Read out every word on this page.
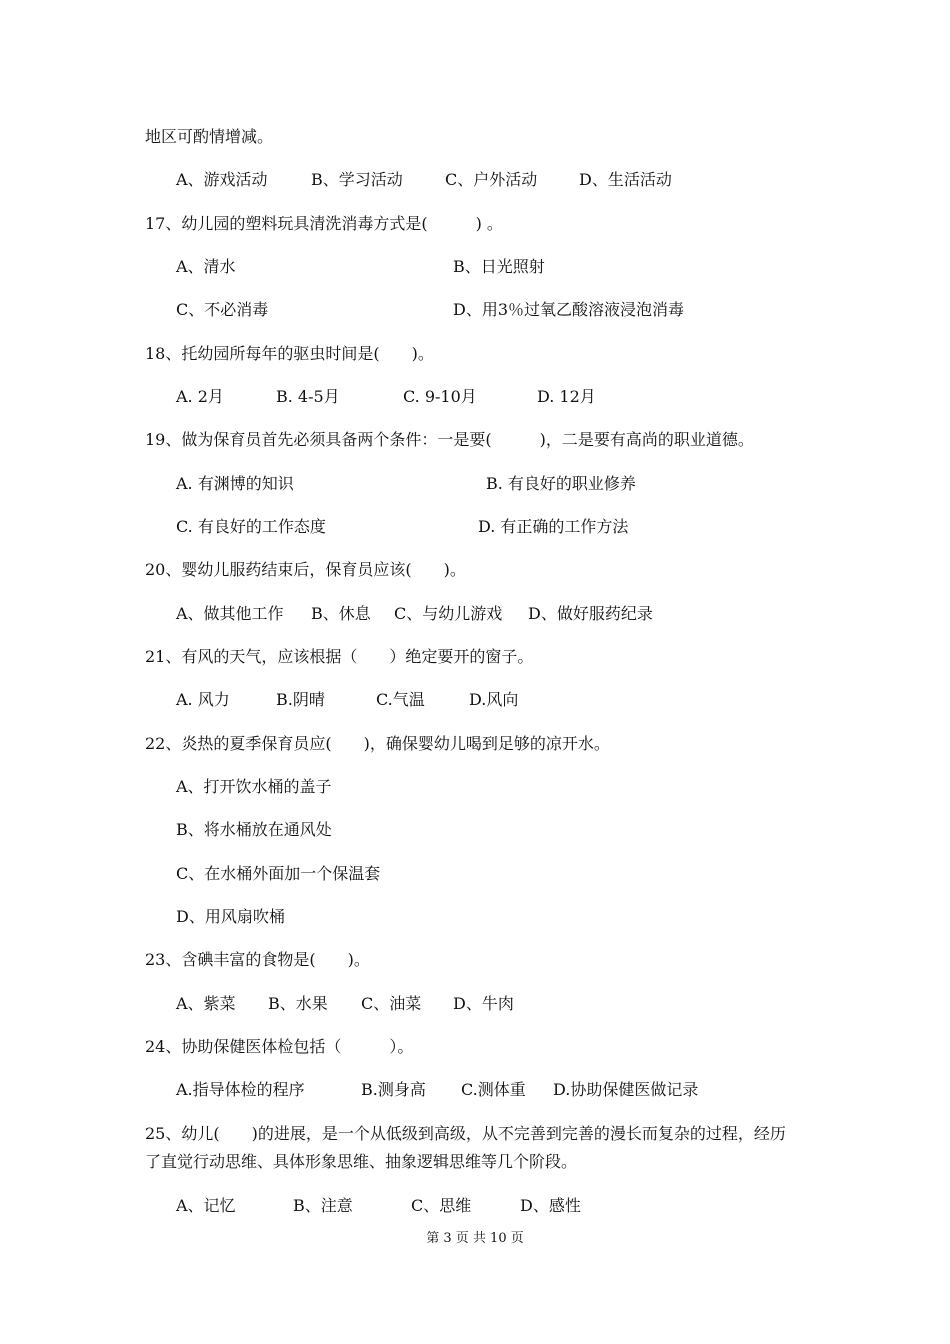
地区可酌情增减。
A、游戏活动	B、学习活动	C、户外活动	D、生活活动
17、幼儿园的塑料玩具清洗消毒方式是(　　　) 。
A、清水	B、日光照射
C、不必消毒	D、用3％过氧乙酸溶液浸泡消毒
18、托幼园所每年的驱虫时间是(　　)。
A. 2月	B. 4-5月	C. 9-10月	D. 12月
19、做为保育员首先必须具备两个条件：一是要(　　　)，二是要有高尚的职业道德。
A. 有渊博的知识	B. 有良好的职业修养
C. 有良好的工作态度	D. 有正确的工作方法
20、婴幼儿服药结束后，保育员应该(　　)。
A、做其他工作 B、休息 C、与幼儿游戏 D、做好服药纪录
21、有风的天气，应该根据（　　）绝定要开的窗子。
A. 风力	B.阴晴	C.气温	D.风向
22、炎热的夏季保育员应(　　)，确保婴幼儿喝到足够的凉开水。
A、打开饮水桶的盖子
B、将水桶放在通风处
C、在水桶外面加一个保温套
D、用风扇吹桶
23、含碘丰富的食物是(　　)。
A、紫菜 B、水果 C、油菜 D、牛肉
24、协助保健医体检包括（　　　）。
A.指导体检的程序	B.测身高 C.测体重 D.协助保健医做记录
25、幼儿(　　)的进展，是一个从低级到高级，从不完善到完善的漫长而复杂的过程，经历
了直觉行动思维、具体形象思维、抽象逻辑思维等几个阶段。
A、记忆	B、注意	C、思维	D、感性
第 3 页 共 10 页
